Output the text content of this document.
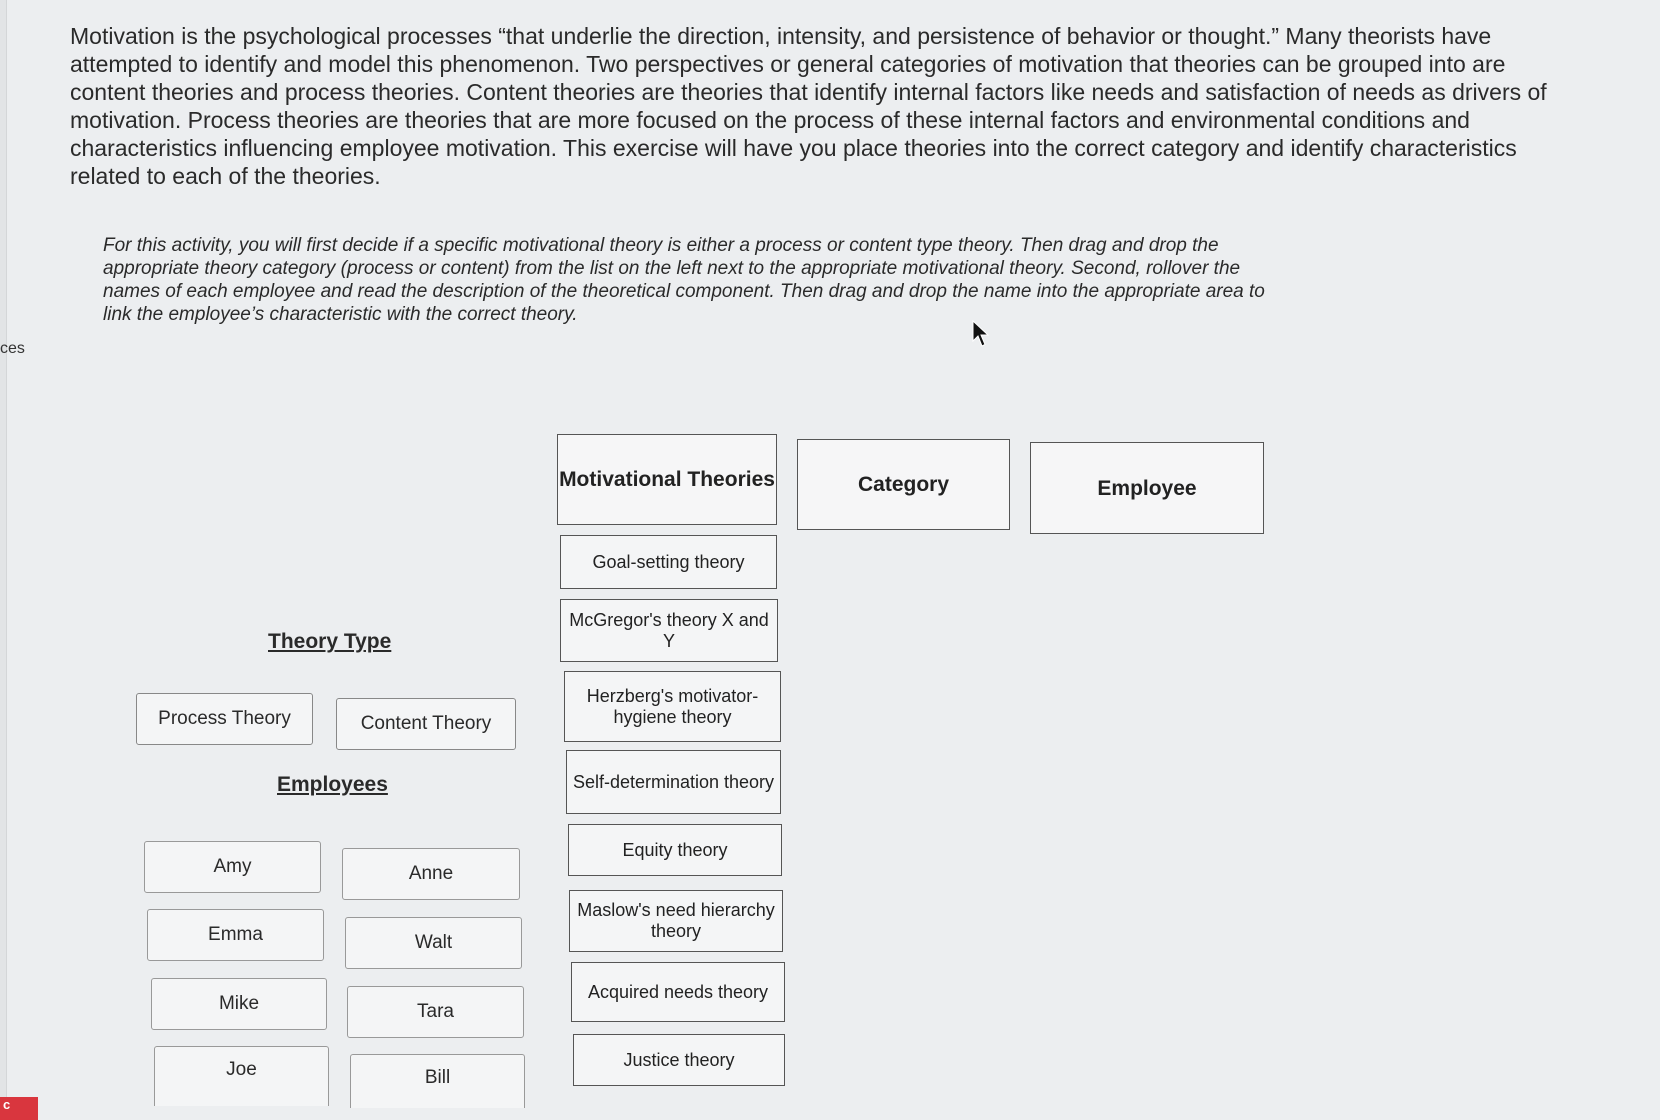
ces
c

Motivation is the psychological processes “that underlie the direction, intensity, and persistence of behavior or thought.” Many theorists have attempted to identify and model this phenomenon. Two perspectives or general categories of motivation that theories can be grouped into are content theories and process theories. Content theories are theories that identify internal factors like needs and satisfaction of needs as drivers of motivation. Process theories are theories that are more focused on the process of these internal factors and environmental conditions and characteristics influencing employee motivation. This exercise will have you place theories into the correct category and identify characteristics related to each of the theories.

For this activity, you will first decide if a specific motivational theory is either a process or content type theory. Then drag and drop the appropriate theory category (process or content) from the list on the left next to the appropriate motivational theory. Second, rollover the names of each employee and read the description of the theoretical component. Then drag and drop the name into the appropriate area to link the employee’s characteristic with the correct theory.

Theory Type
Process Theory	Content Theory
Employees
Amy	Anne
Emma	Walt
Mike	Tara
Joe	Bill
Motivational Theories	Category	Employee
Goal-setting theory
McGregor's theory X and Y
Herzberg's motivator-hygiene theory
Self-determination theory
Equity theory
Maslow's need hierarchy theory
Acquired needs theory
Justice theory
